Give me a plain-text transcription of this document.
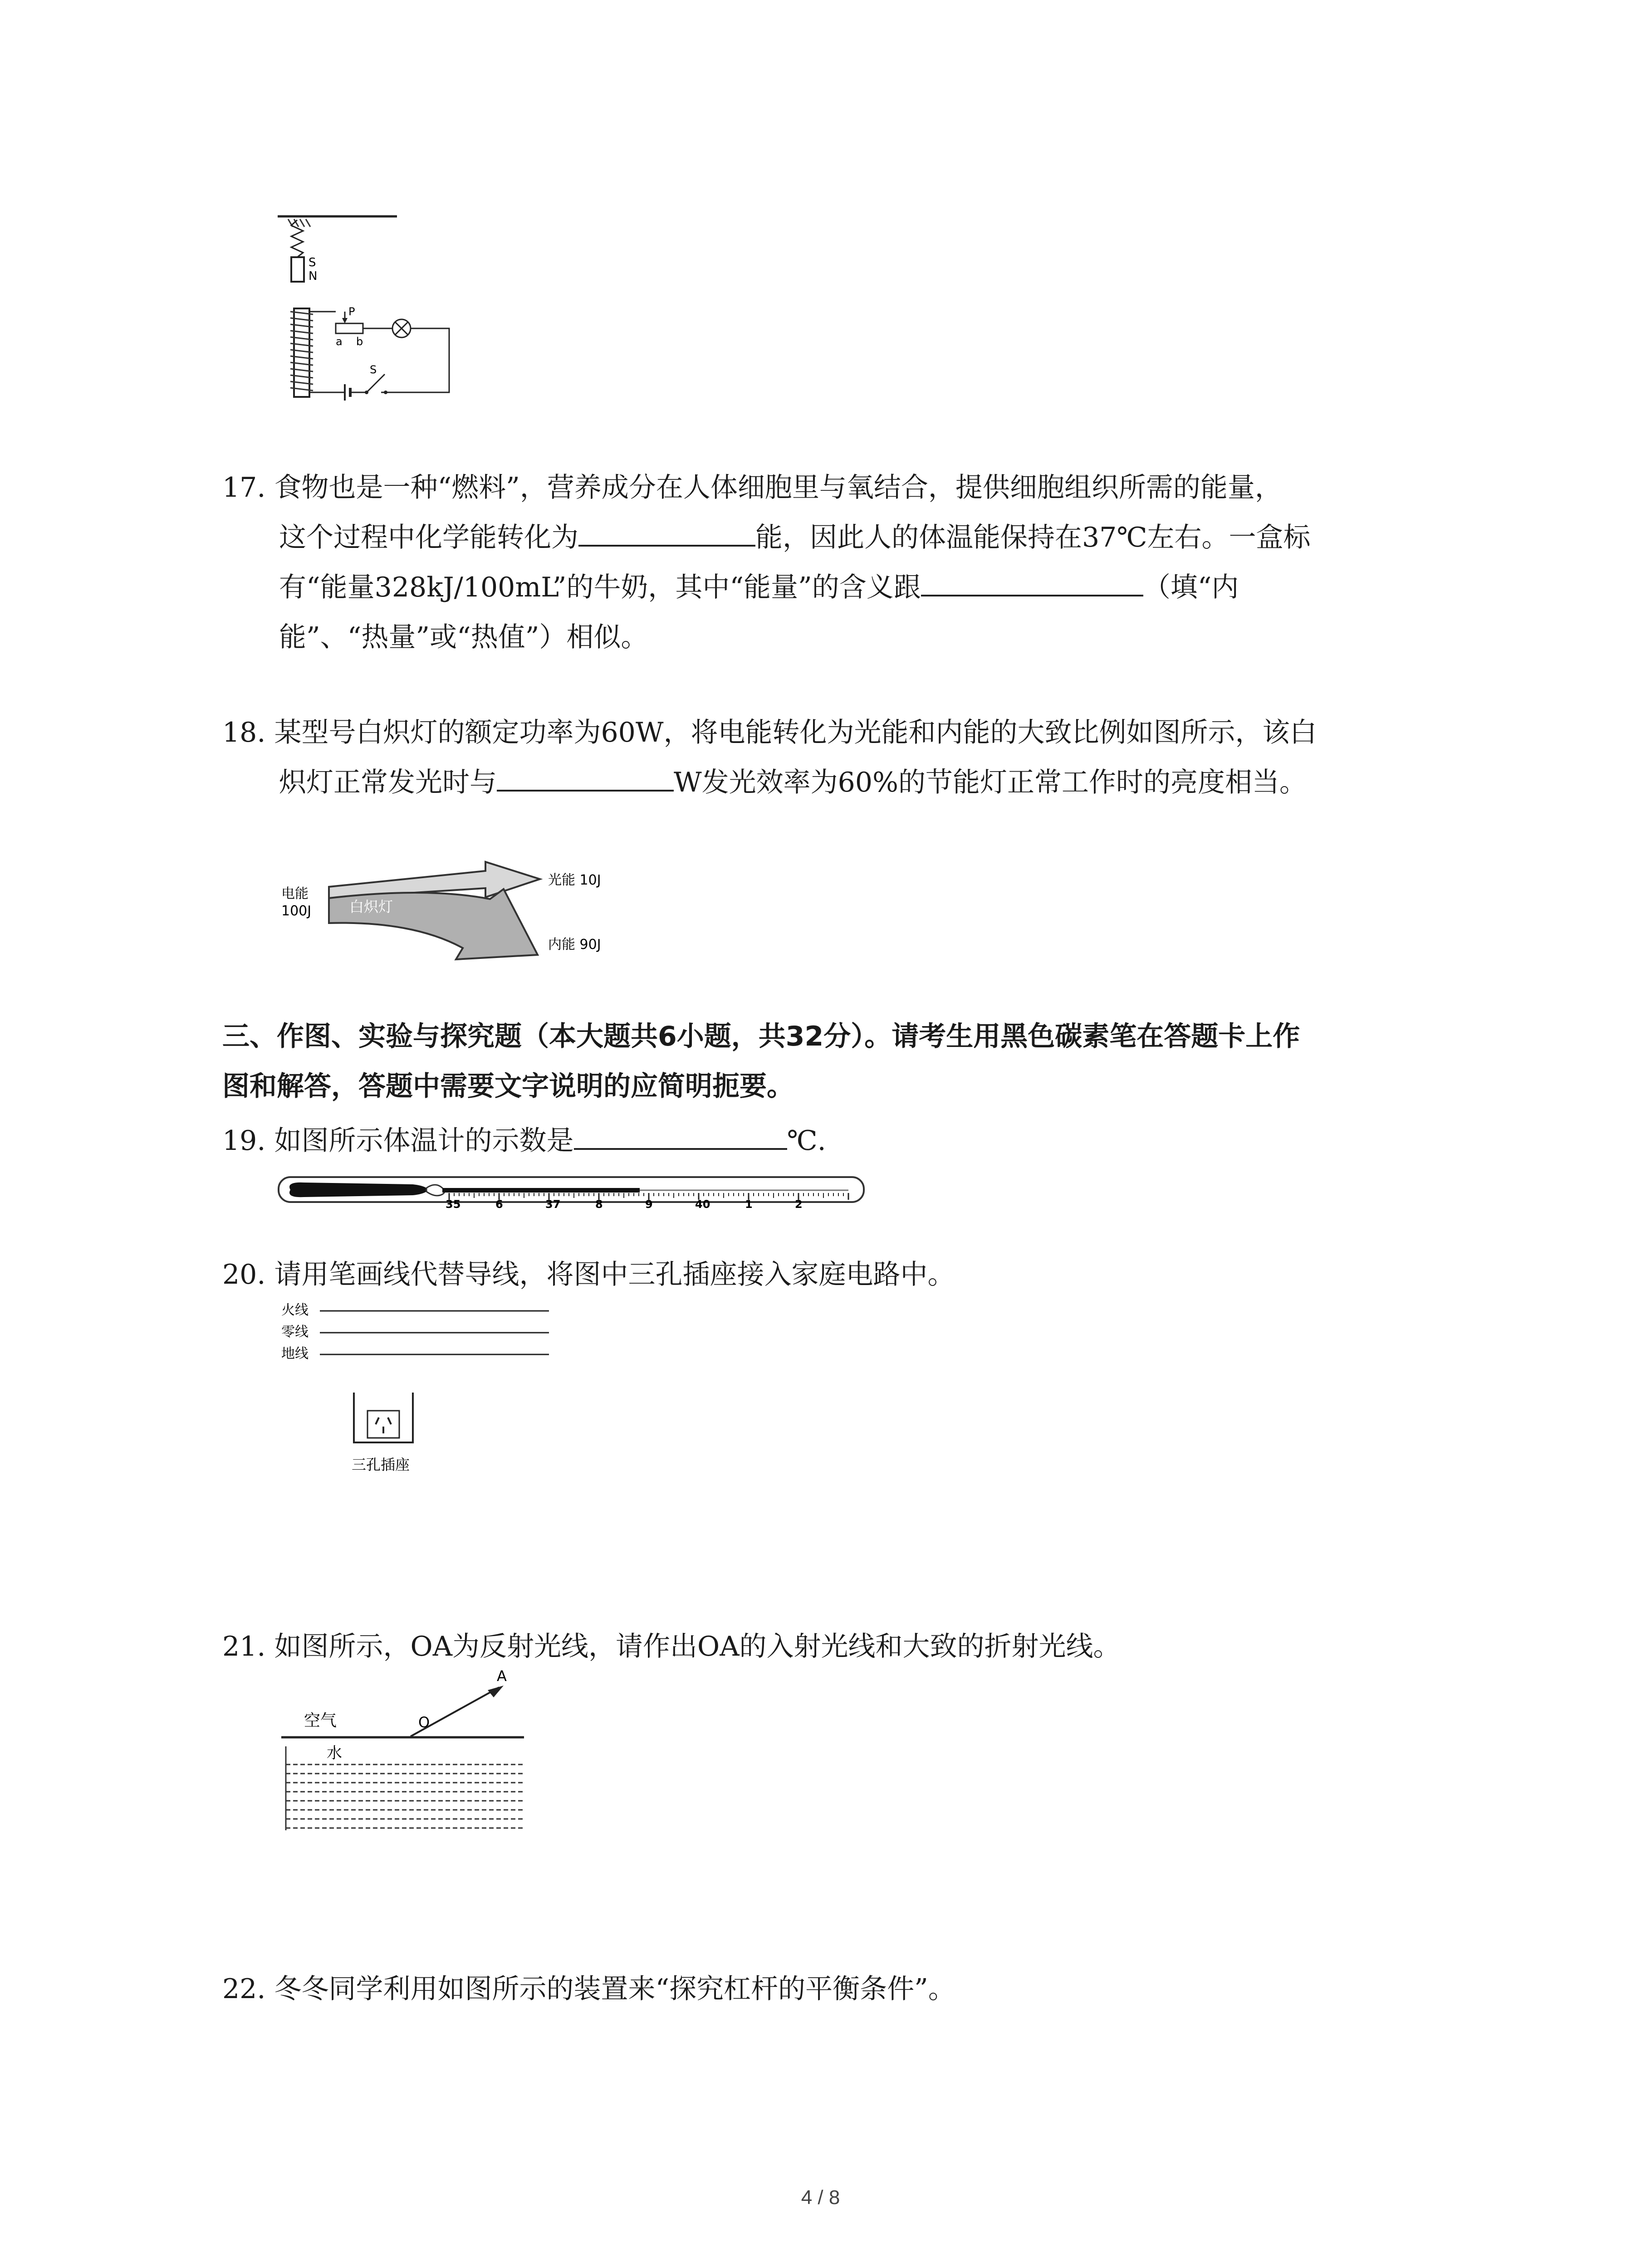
S
N
P
a b
S
17. 食物也是一种“燃料”，营养成分在人体细胞里与氧结合，提供细胞组织所需的能量，
这个过程中化学能转化为	能，因此人的体温能保持在37℃左右。一盒标
有“能量328kJ/100mL”的牛奶，其中“能量”的含义跟	（填“内
能”、“热量”或“热值”）相似。
18. 某型号白炽灯的额定功率为60W，将电能转化为光能和内能的大致比例如图所示，该白
炽灯正常发光时与	W发光效率为60%的节能灯正常工作时的亮度相当。
电能
100J	白炽灯
光能 10J
内能 90J
三、作图、实验与探究题（本大题共6小题，共32分）。请考生用黑色碳素笔在答题卡上作
图和解答，答题中需要文字说明的应简明扼要。
19. 如图所示体温计的示数是	℃.
35	6	37	8	9	40	1	2
20. 请用笔画线代替导线，将图中三孔插座接入家庭电路中。
火线
零线
地线
三孔插座
21. 如图所示，OA为反射光线，请作出OA的入射光线和大致的折射光线。
空气
水
O
A
22. 冬冬同学利用如图所示的装置来“探究杠杆的平衡条件”。
4 / 8
